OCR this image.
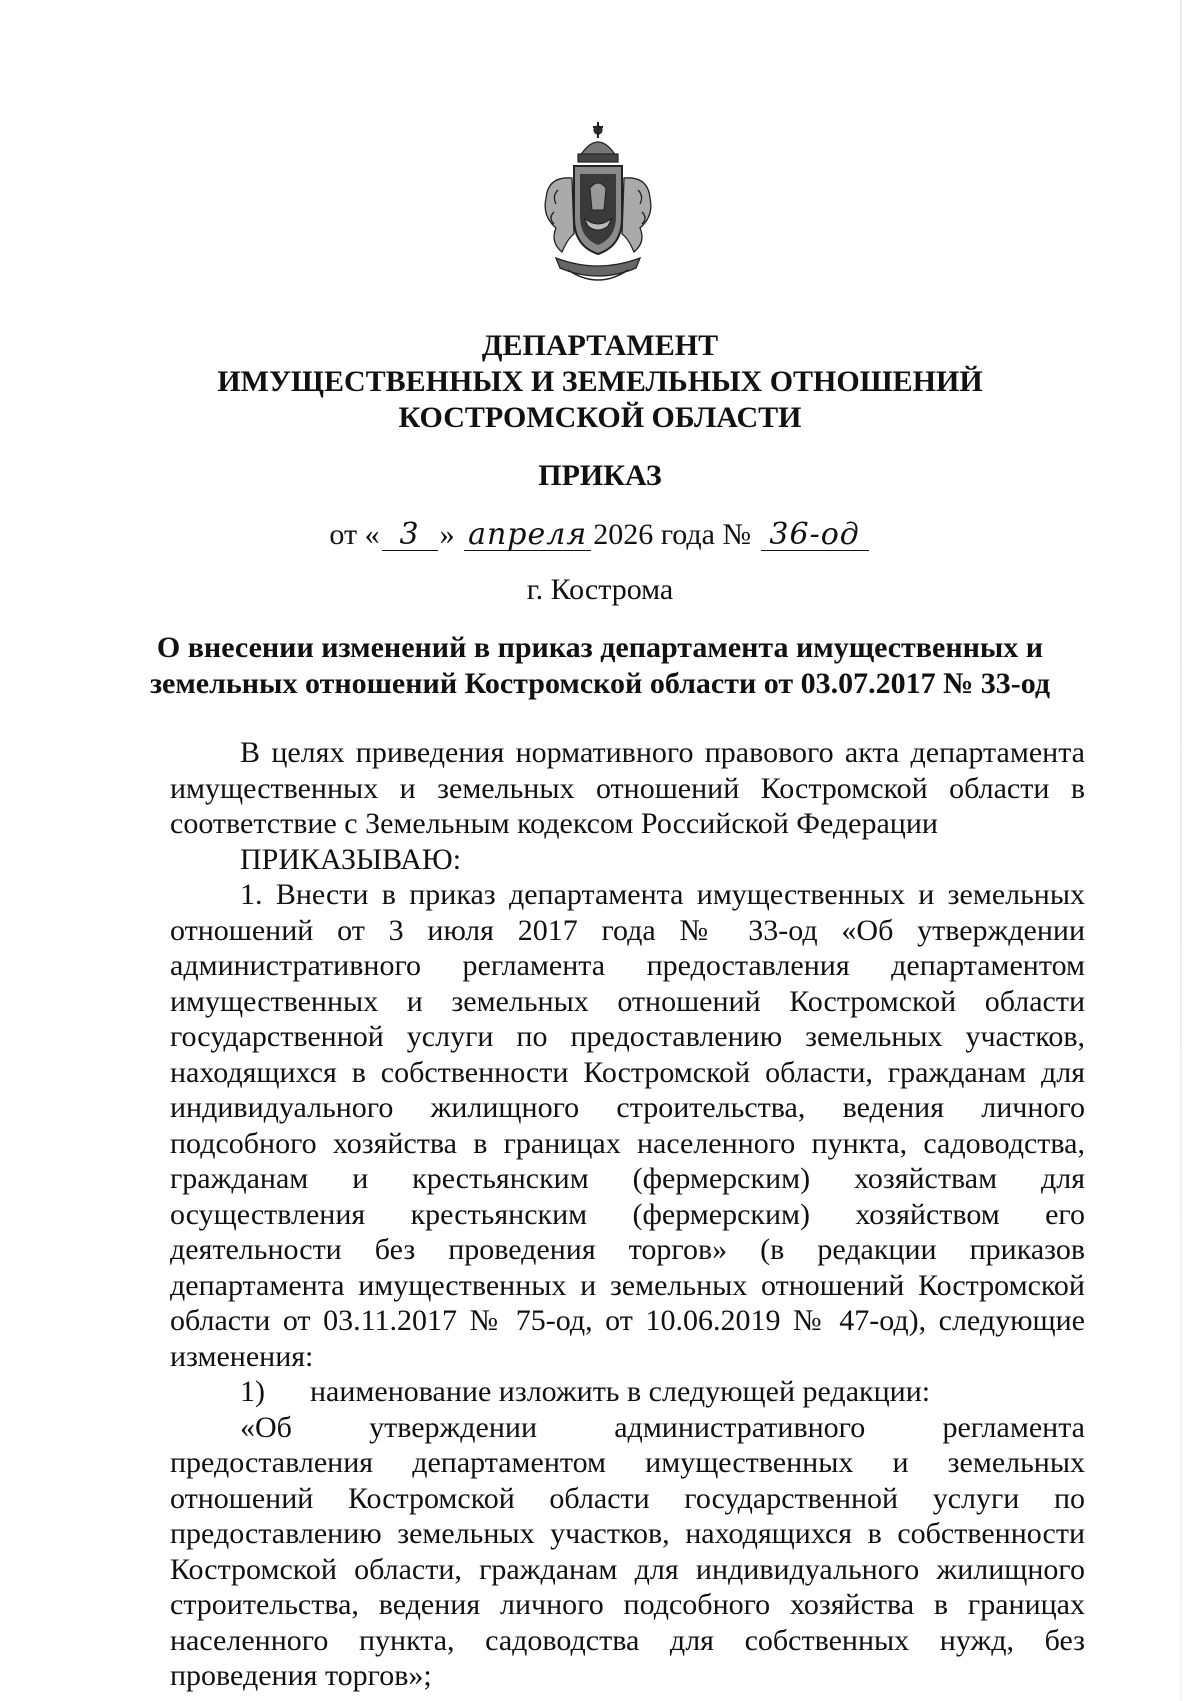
ДЕПАРТАМЕНТ
ИМУЩЕСТВЕННЫХ И ЗЕМЕЛЬНЫХ ОТНОШЕНИЙ
КОСТРОМСКОЙ ОБЛАСТИ
ПРИКАЗ
от « 3 » апреля 2026 года № 36-од
г. Кострома
О внесении изменений в приказ департамента имущественных и
земельных отношений Костромской области от 03.07.2017 № 33-од

В целях приведения нормативного правового акта департамента имущественных и земельных отношений Костромской области в соответствие с Земельным кодексом Российской Федерации

ПРИКАЗЫВАЮ:

1. Внести в приказ департамента имущественных и земельных отношений от 3 июля 2017 года № 33-од «Об утверждении административного регламента предоставления департаментом имущественных и земельных отношений Костромской области государственной услуги по предоставлению земельных участков, находящихся в собственности Костромской области, гражданам для индивидуального жилищного строительства, ведения личного подсобного хозяйства в границах населенного пункта, садоводства, гражданам и крестьянским (фермерским) хозяйствам для осуществления крестьянским (фермерским) хозяйством его деятельности без проведения торгов» (в редакции приказов департамента имущественных и земельных отношений Костромской области от 03.11.2017 № 75-од, от 10.06.2019 № 47-од), следующие изменения:

1) наименование изложить в следующей редакции:

«Об утверждении административного регламента предоставления департаментом имущественных и земельных отношений Костромской области государственной услуги по предоставлению земельных участков, находящихся в собственности Костромской области, гражданам для индивидуального жилищного строительства, ведения личного подсобного хозяйства в границах населенного пункта, садоводства для собственных нужд, без проведения торгов»;
